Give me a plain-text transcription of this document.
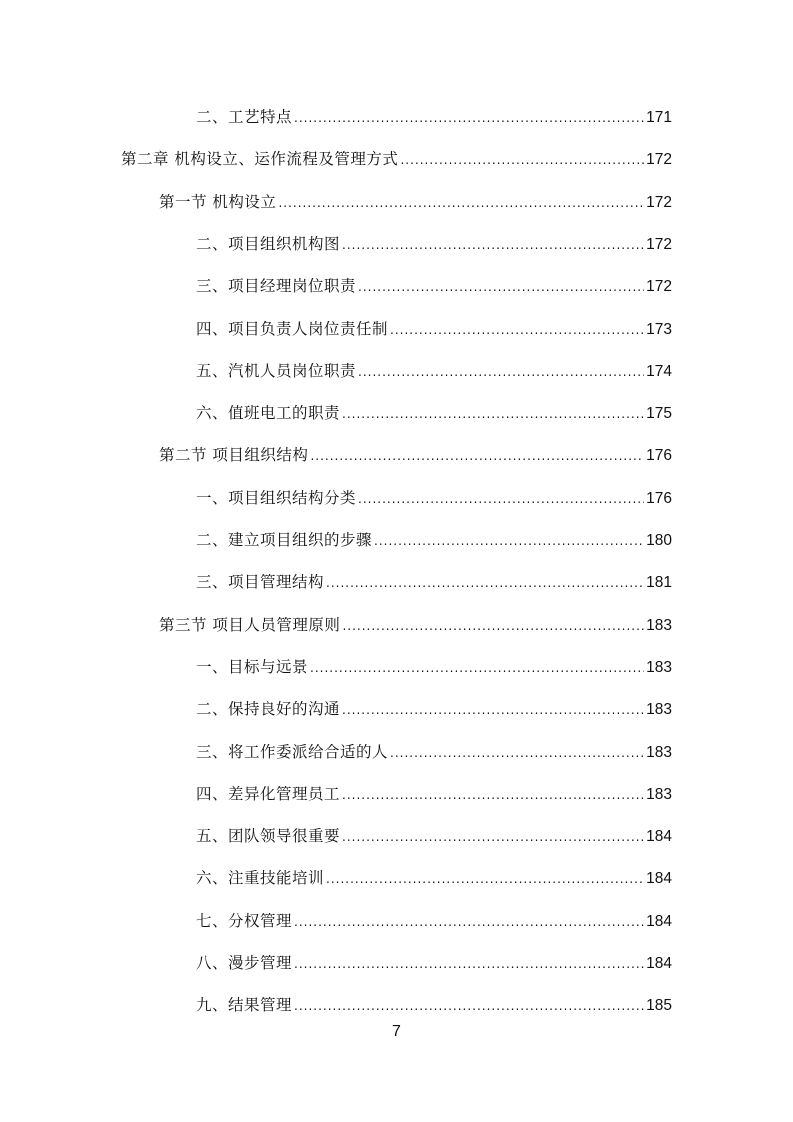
二、工艺特点 .....	171
第二章 机构设立、运作流程及管理方式 .....	172
第一节 机构设立 .....	172
二、项目组织机构图 .....	172
三、项目经理岗位职责 .....	172
四、项目负责人岗位责任制 .....	173
五、汽机人员岗位职责 .....	174
六、值班电工的职责 .....	175
第二节 项目组织结构 .....	176
一、项目组织结构分类 .....	176
二、建立项目组织的步骤 .....	180
三、项目管理结构 .....	181
第三节 项目人员管理原则 .....	183
一、目标与远景 .....	183
二、保持良好的沟通 .....	183
三、将工作委派给合适的人 .....	183
四、差异化管理员工 .....	183
五、团队领导很重要 .....	184
六、注重技能培训 .....	184
七、分权管理 .....	184
八、漫步管理 .....	184
九、结果管理 .....	185
7
